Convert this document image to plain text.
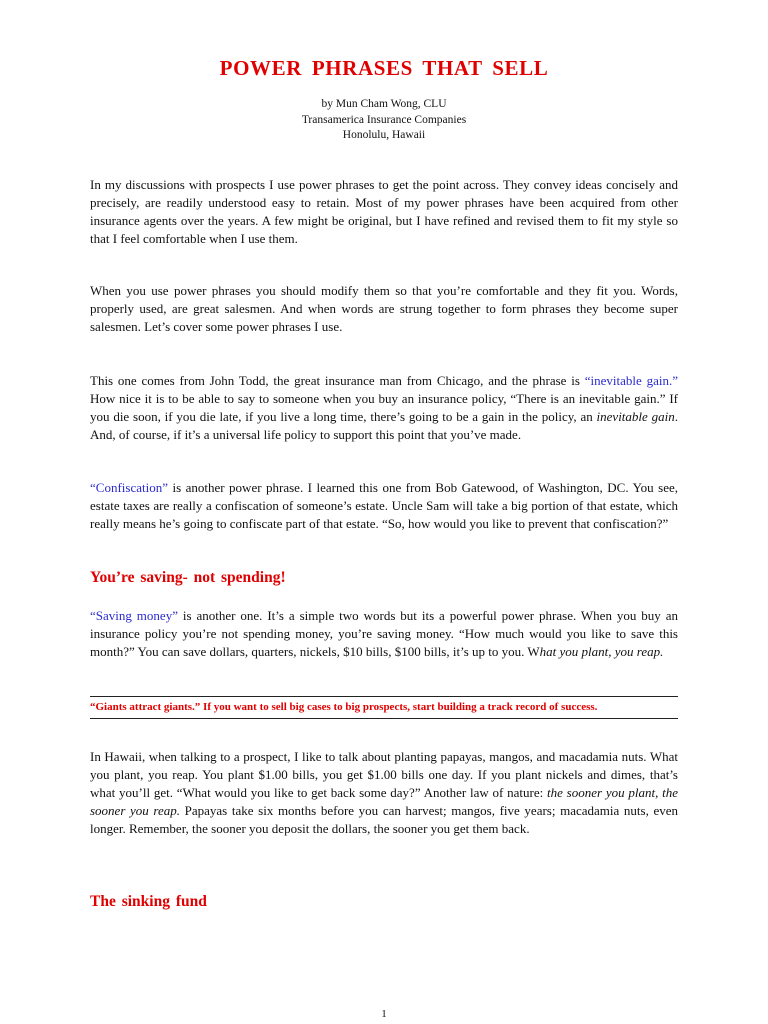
POWER PHRASES THAT SELL
by Mun Cham Wong, CLU
Transamerica Insurance Companies
Honolulu, Hawaii

In my discussions with prospects I use power phrases to get the point across. They convey ideas concisely and precisely, are readily understood easy to retain. Most of my power phrases have been acquired from other insurance agents over the years. A few might be original, but I have refined and revised them to fit my style so that I feel comfortable when I use them.

When you use power phrases you should modify them so that you’re comfortable and they fit you. Words, properly used, are great salesmen. And when words are strung together to form phrases they become super salesmen. Let’s cover some power phrases I use.

This one comes from John Todd, the great insurance man from Chicago, and the phrase is “inevitable gain.” How nice it is to be able to say to someone when you buy an insurance policy, “There is an inevitable gain.” If you die soon, if you die late, if you live a long time, there’s going to be a gain in the policy, an inevitable gain. And, of course, if it’s a universal life policy to support this point that you’ve made.

“Confiscation” is another power phrase. I learned this one from Bob Gatewood, of Washington, DC. You see, estate taxes are really a confiscation of someone’s estate. Uncle Sam will take a big portion of that estate, which really means he’s going to confiscate part of that estate. “So, how would you like to prevent that confiscation?”

You’re saving- not spending!

“Saving money” is another one. It’s a simple two words but its a powerful power phrase. When you buy an insurance policy you’re not spending money, you’re saving money. “How much would you like to save this month?” You can save dollars, quarters, nickels, $10 bills, $100 bills, it’s up to you. What you plant, you reap.

“Giants attract giants.” If you want to sell big cases to big prospects, start building a track record of success.

In Hawaii, when talking to a prospect, I like to talk about planting papayas, mangos, and macadamia nuts. What you plant, you reap. You plant $1.00 bills, you get $1.00 bills one day. If you plant nickels and dimes, that’s what you’ll get. “What would you like to get back some day?” Another law of nature: the sooner you plant, the sooner you reap. Papayas take six months before you can harvest; mangos, five years; macadamia nuts, even longer. Remember, the sooner you deposit the dollars, the sooner you get them back.

The sinking fund
1
